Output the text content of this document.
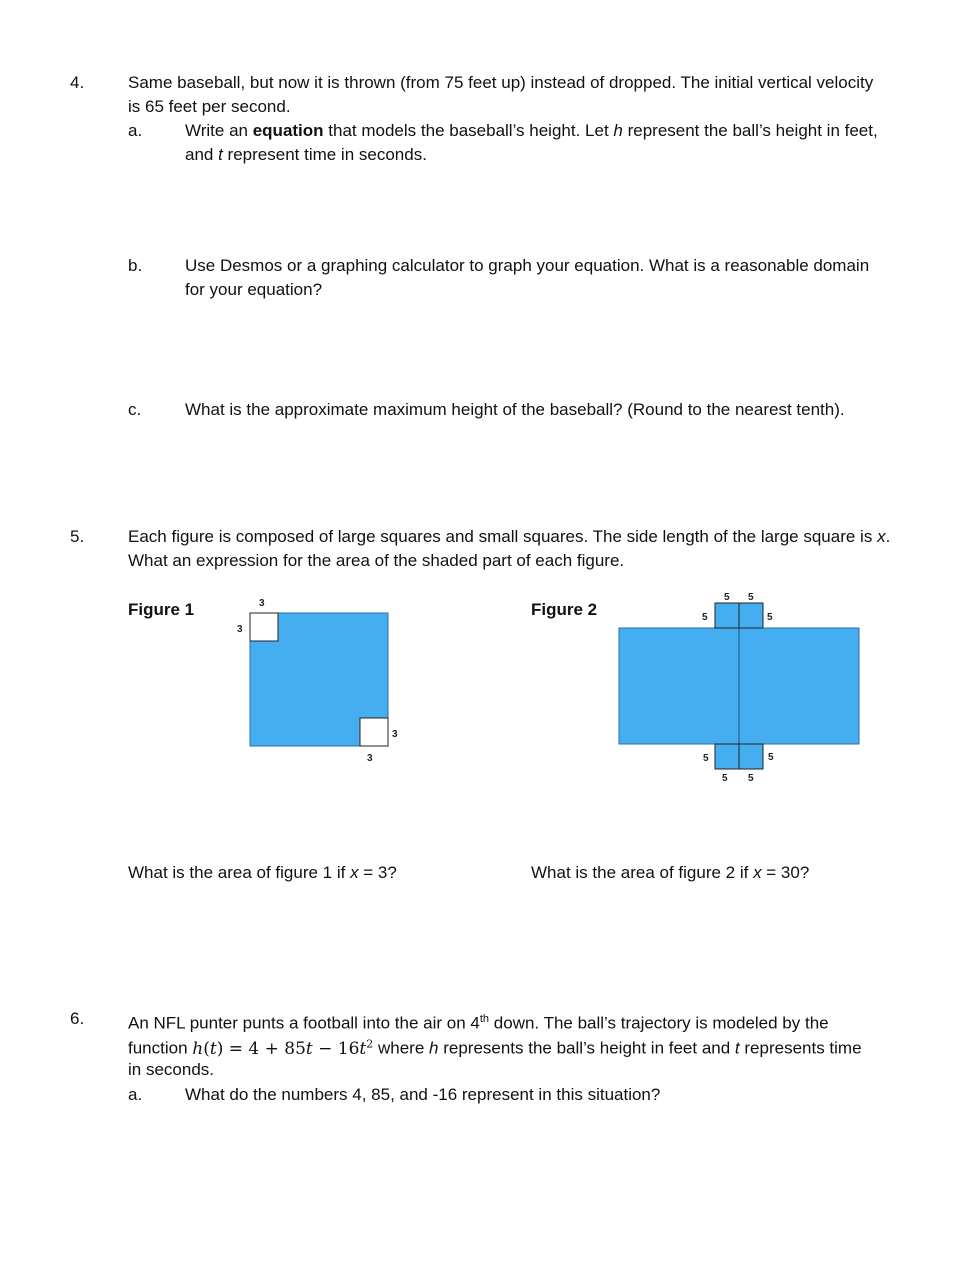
4.	Same baseball, but now it is thrown (from 75 feet up) instead of dropped. The initial vertical velocity
is 65 feet per second.
a.	Write an equation that models the baseball’s height. Let h represent the ball’s height in feet,
and t represent time in seconds.
b.	Use Desmos or a graphing calculator to graph your equation. What is a reasonable domain
for your equation?
c.	What is the approximate maximum height of the baseball? (Round to the nearest tenth).
5.	Each figure is composed of large squares and small squares. The side length of the large square is x.
What an expression for the area of the shaded part of each figure.
Figure 1	Figure 2
3
3
3
3
5 5
5	5
5	5
5 5
What is the area of figure 1 if x = 3?	What is the area of figure 2 if x = 30?
6.	An NFL punter punts a football into the air on 4th down. The ball’s trajectory is modeled by the
function $h(t) = 4 + 85t - 16t^2$ where h represents the ball’s height in feet and t represents time
in seconds.
a.	What do the numbers 4, 85, and -16 represent in this situation?
